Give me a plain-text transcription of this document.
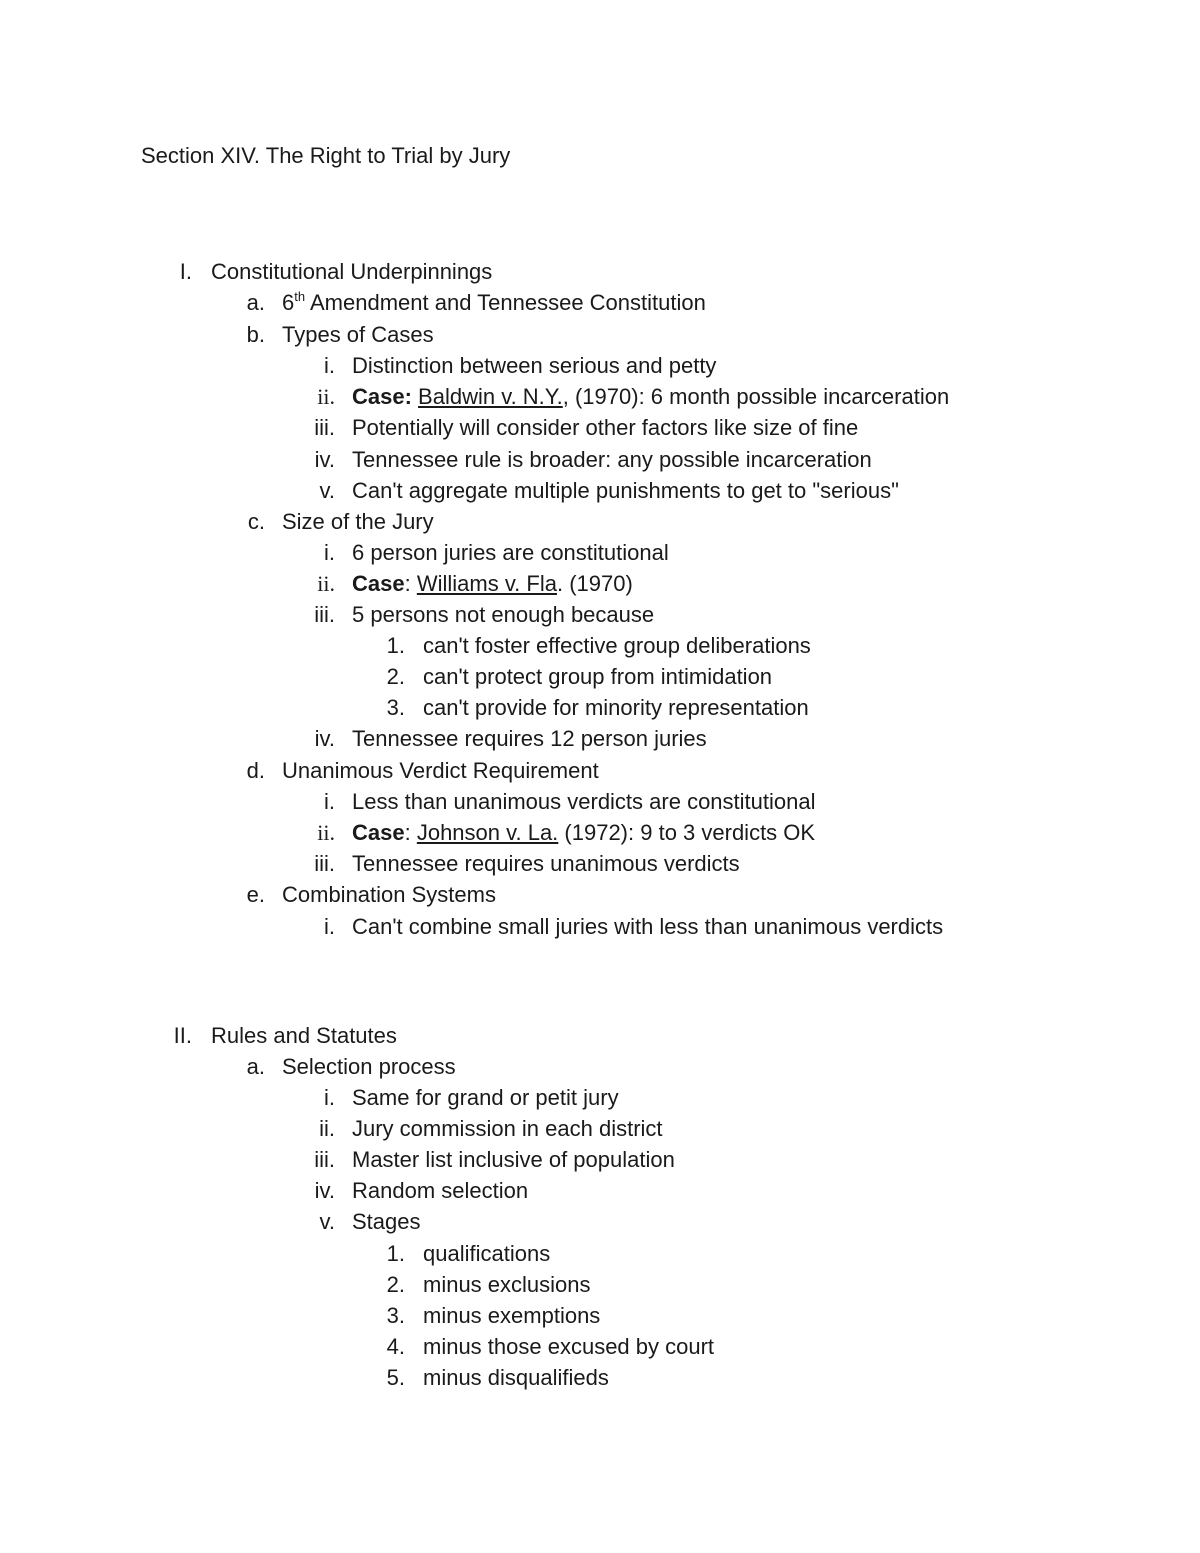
Section XIV. The Right to Trial by Jury
I. Constitutional Underpinnings
a. 6th Amendment and Tennessee Constitution
b. Types of Cases
i. Distinction between serious and petty
ii. Case: Baldwin v. N.Y., (1970): 6 month possible incarceration
iii. Potentially will consider other factors like size of fine
iv. Tennessee rule is broader: any possible incarceration
v. Can't aggregate multiple punishments to get to "serious"
c. Size of the Jury
i. 6 person juries are constitutional
ii. Case: Williams v. Fla. (1970)
iii. 5 persons not enough because
1. can't foster effective group deliberations
2. can't protect group from intimidation
3. can't provide for minority representation
iv. Tennessee requires 12 person juries
d. Unanimous Verdict Requirement
i. Less than unanimous verdicts are constitutional
ii. Case: Johnson v. La. (1972): 9 to 3 verdicts OK
iii. Tennessee requires unanimous verdicts
e. Combination Systems
i. Can't combine small juries with less than unanimous verdicts
II. Rules and Statutes
a. Selection process
i. Same for grand or petit jury
ii. Jury commission in each district
iii. Master list inclusive of population
iv. Random selection
v. Stages
1. qualifications
2. minus exclusions
3. minus exemptions
4. minus those excused by court
5. minus disqualifieds
